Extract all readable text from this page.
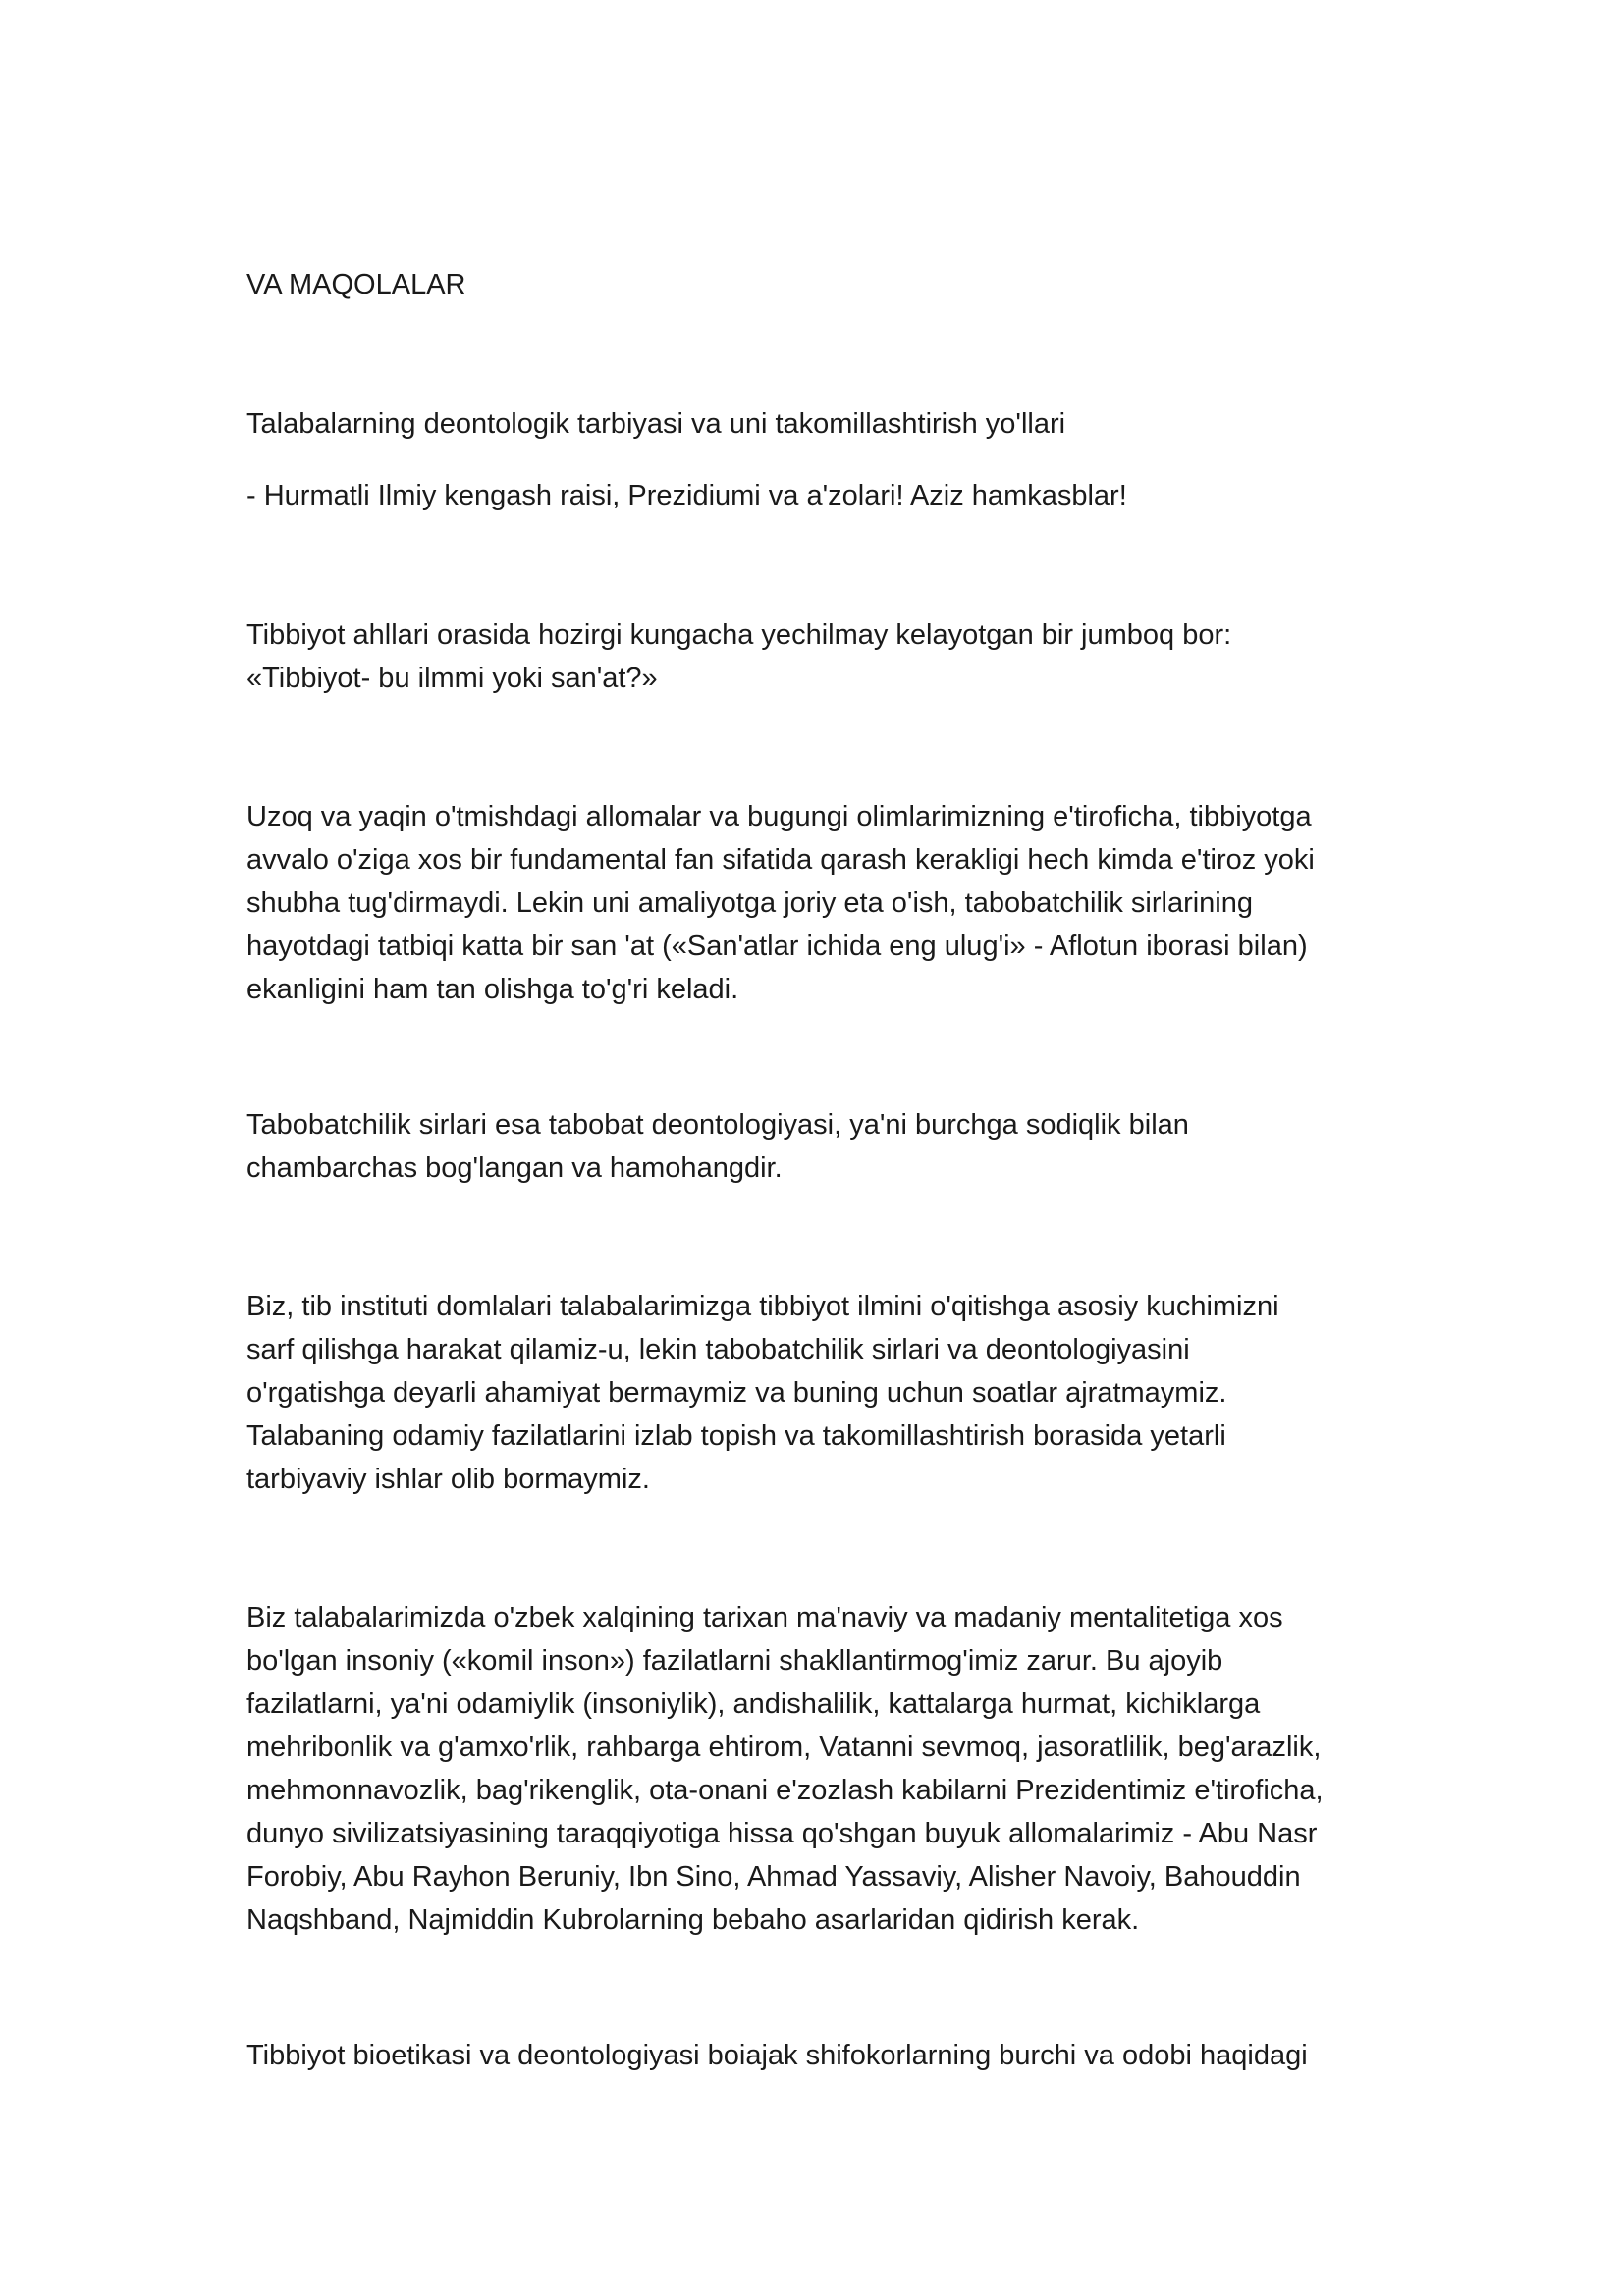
VA MAQOLALAR

Talabalarning deontologik tarbiyasi va uni takomillashtirish yo'llari

- Hurmatli Ilmiy kengash raisi, Prezidiumi va a'zolari! Aziz hamkasblar!

Tibbiyot ahllari orasida hozirgi kungacha yechilmay kelayotgan bir jumboq bor:

«Tibbiyot- bu ilmmi yoki san'at?»

Uzoq va yaqin o'tmishdagi allomalar va bugungi olimlarimizning e'tiroficha, tibbiyotga

avvalo o'ziga xos bir fundamental fan sifatida qarash kerakligi hech kimda e'tiroz yoki

shubha tug'dirmaydi. Lekin uni amaliyotga joriy eta o'ish, tabobatchilik sirlarining

hayotdagi tatbiqi katta bir san 'at («San'atlar ichida eng ulug'i» - Aflotun iborasi bilan)

ekanligini ham tan olishga to'g'ri keladi.

Tabobatchilik sirlari esa tabobat deontologiyasi, ya'ni burchga sodiqlik bilan

chambarchas bog'langan va hamohangdir.

Biz, tib instituti domlalari talabalarimizga tibbiyot ilmini o'qitishga asosiy kuchimizni

sarf qilishga harakat qilamiz-u, lekin tabobatchilik sirlari va deontologiyasini

o'rgatishga deyarli ahamiyat bermaymiz va buning uchun soatlar ajratmaymiz.

Talabaning odamiy fazilatlarini izlab topish va takomillashtirish borasida yetarli

tarbiyaviy ishlar olib bormaymiz.

Biz talabalarimizda o'zbek xalqining tarixan ma'naviy va madaniy mentalitetiga xos

bo'lgan insoniy («komil inson») fazilatlarni shakllantirmog'imiz zarur. Bu ajoyib

fazilatlarni, ya'ni odamiylik (insoniylik), andishalilik, kattalarga hurmat, kichiklarga

mehribonlik va g'amxo'rlik, rahbarga ehtirom, Vatanni sevmoq, jasoratlilik, beg'arazlik,

mehmonnavozlik, bag'rikenglik, ota-onani e'zozlash kabilarni Prezidentimiz e'tiroficha,

dunyo sivilizatsiyasining taraqqiyotiga hissa qo'shgan buyuk allomalarimiz - Abu Nasr

Forobiy, Abu Rayhon Beruniy, Ibn Sino, Ahmad Yassaviy, Alisher Navoiy, Bahouddin

Naqshband, Najmiddin Kubrolarning bebaho asarlaridan qidirish kerak.

Tibbiyot bioetikasi va deontologiyasi boiajak shifokorlarning burchi va odobi haqidagi
